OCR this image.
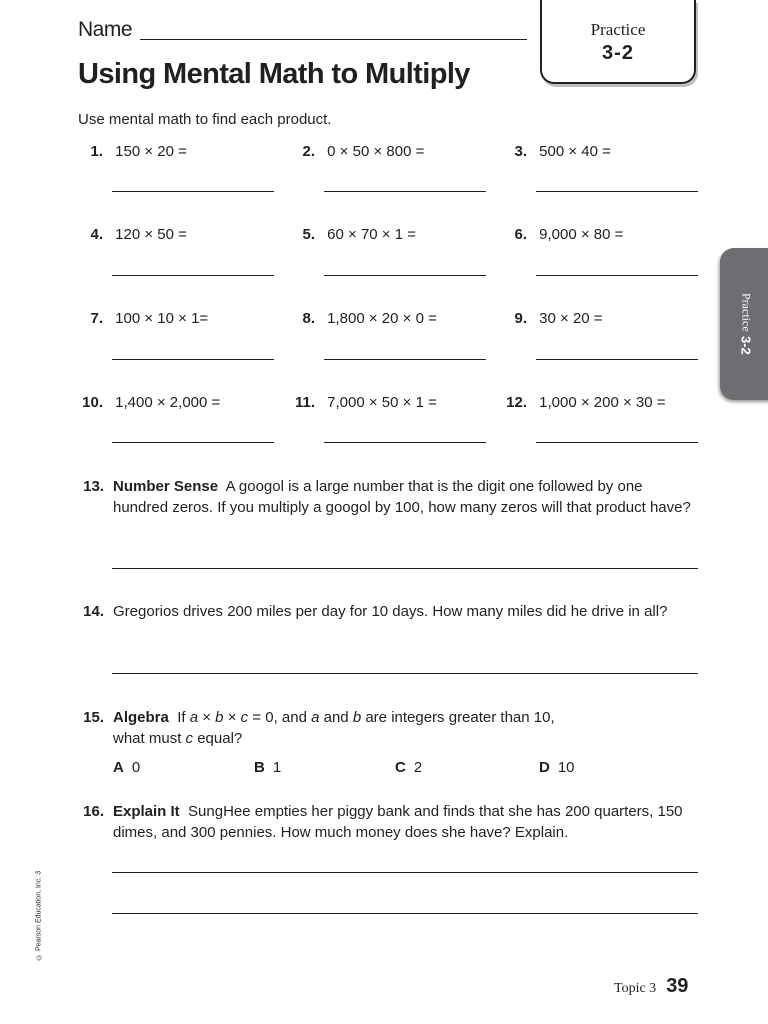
Name
Using Mental Math to Multiply
Practice
3-2
Practice
3-2
Use mental math to find each product.
1. 150 × 20 =	2. 0 × 50 × 800 =	3. 500 × 40 =
4. 120 × 50 =	5. 60 × 70 × 1 =	6. 9,000 × 80 =
7. 100 × 10 × 1=	8. 1,800 × 20 × 0 =	9. 30 × 20 =
10. 1,400 × 2,000 =	11. 7,000 × 50 × 1 =	12. 1,000 × 200 × 30 =
13. Number Sense A googol is a large number that is the digit one followed by one hundred zeros. If you multiply a googol by 100, how many zeros will that product have?
14. Gregorios drives 200 miles per day for 10 days. How many miles did he drive in all?
15. Algebra If a × b × c = 0, and a and b are integers greater than 10,
what must c equal?
A 0	B 1	C 2	D 10
16. Explain It SungHee empties her piggy bank and finds that she has 200 quarters, 150 dimes, and 300 pennies. How much money does she have? Explain.
© Pearson Education, Inc. 3
Topic 3 39
